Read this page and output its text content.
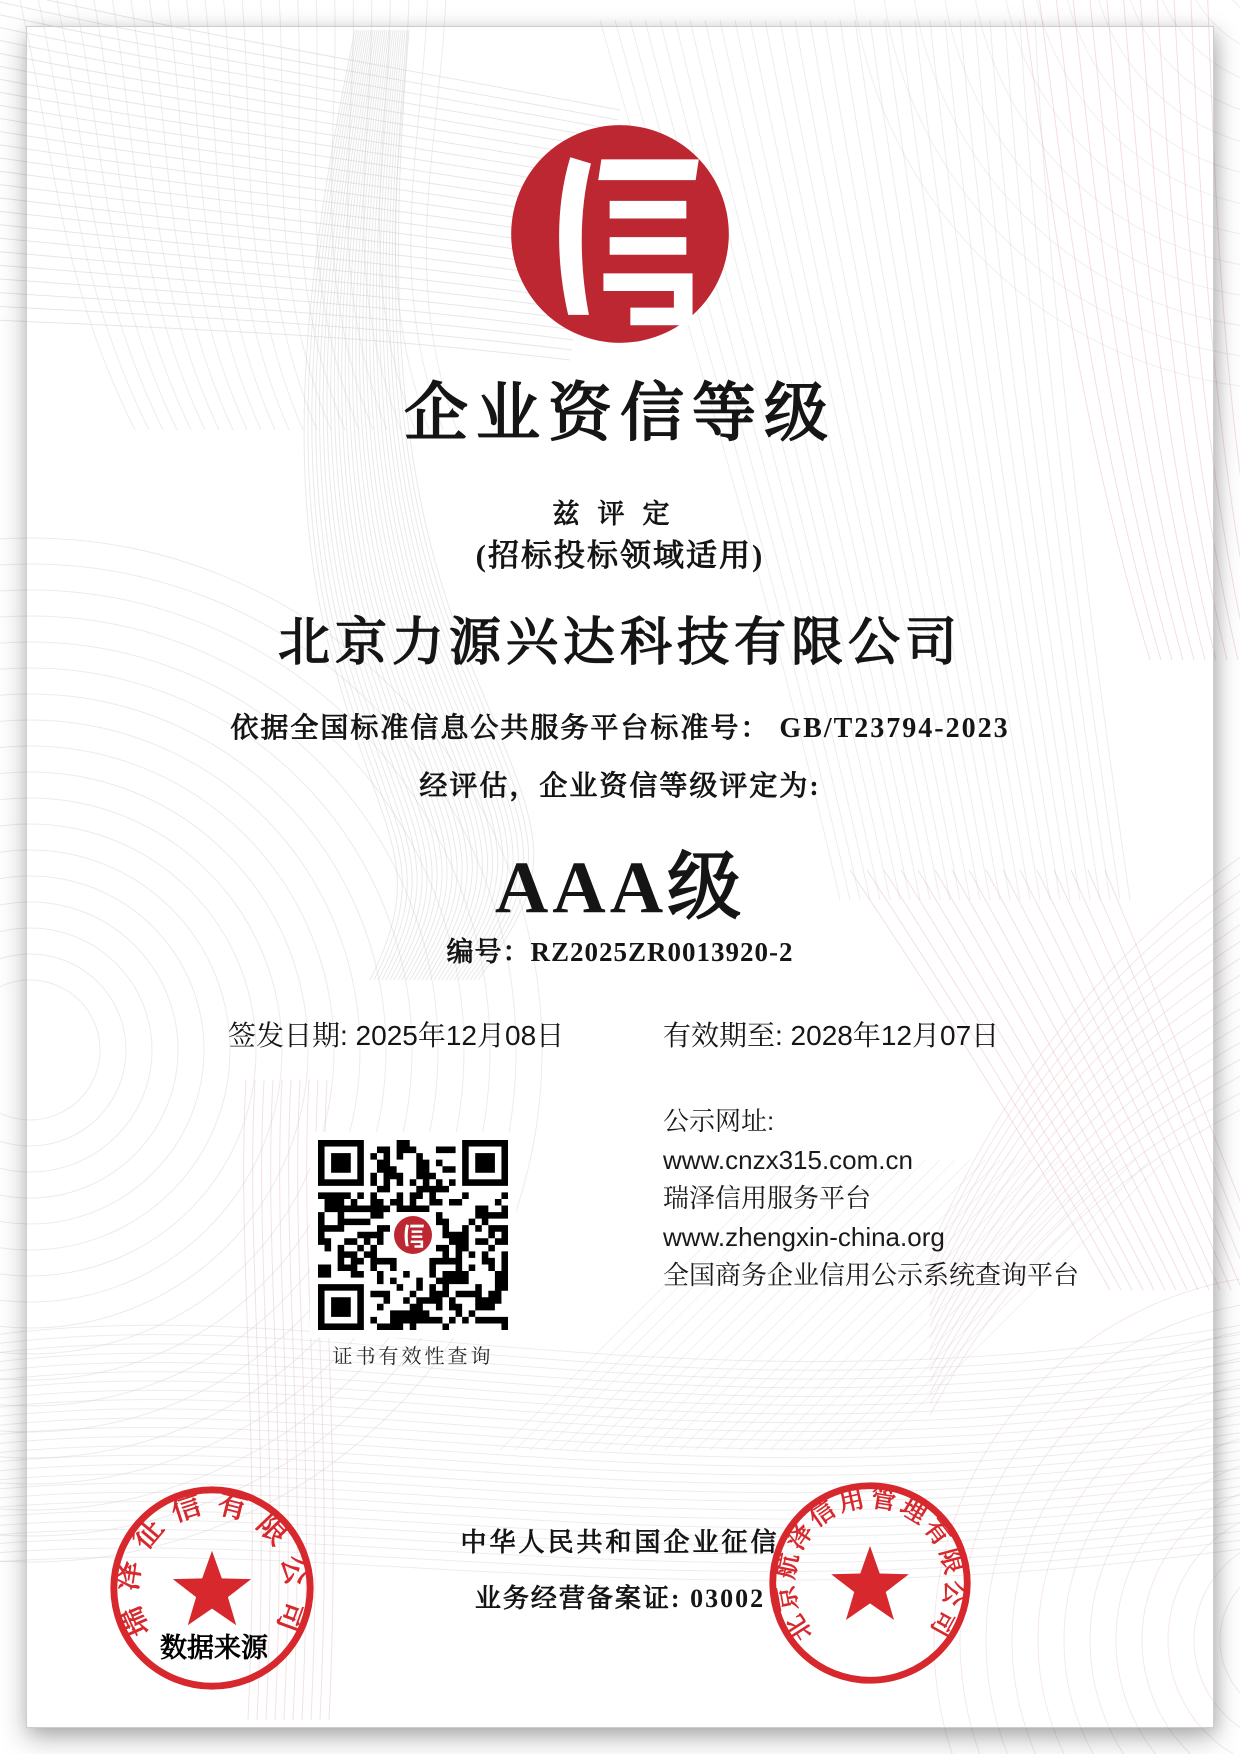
企业资信等级
兹评定
(招标投标领域适用)
北京力源兴达科技有限公司
依据全国标准信息公共服务平台标准号： GB/T23794-2023
经评估，企业资信等级评定为:
AAA级
编号：RZ2025ZR0013920-2
签发日期: 2025年12月08日	有效期至: 2028年12月07日
公示网址:
www.cnzx315.com.cn
瑞泽信用服务平台
www.zhengxin-china.org
全国商务企业信用公示系统查询平台
证书有效性查询
中华人民共和国企业征信
业务经营备案证: 03002
瑞泽征信有限公司	北京航泽信用管理有限公司
数据来源
